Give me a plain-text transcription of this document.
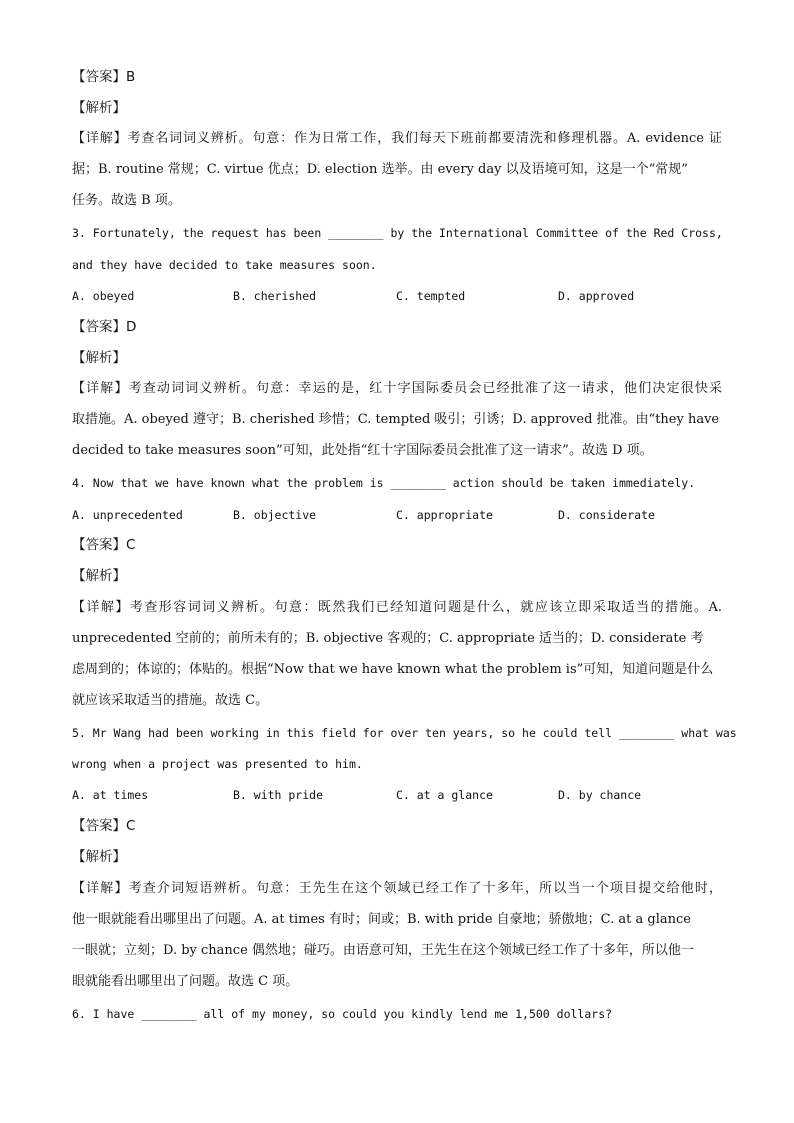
【答案】B
【解析】
【详解】考查名词词义辨析。句意：作为日常工作，我们每天下班前都要清洗和修理机器。A. evidence 证
据；B. routine 常规；C. virtue 优点；D. election 选举。由 every day 以及语境可知，这是一个“常规”
任务。故选 B 项。
3. Fortunately, the request has been ________ by the International Committee of the Red Cross,
and they have decided to take measures soon.
A. obeyed	B. cherished	C. tempted	D. approved
【答案】D
【解析】
【详解】考查动词词义辨析。句意：幸运的是，红十字国际委员会已经批准了这一请求，他们决定很快采
取措施。A. obeyed 遵守；B. cherished 珍惜；C. tempted 吸引；引诱；D. approved 批准。由“they have
decided to take measures soon”可知，此处指“红十字国际委员会批准了这一请求”。故选 D 项。
4. Now that we have known what the problem is ________ action should be taken immediately.
A. unprecedented	B. objective	C. appropriate	D. considerate
【答案】C
【解析】
【详解】考查形容词词义辨析。句意：既然我们已经知道问题是什么，就应该立即采取适当的措施。A.
unprecedented 空前的；前所未有的；B. objective 客观的；C. appropriate 适当的；D. considerate 考
虑周到的；体谅的；体贴的。根据“Now that we have known what the problem is”可知，知道问题是什么
就应该采取适当的措施。故选 C。
5. Mr Wang had been working in this field for over ten years, so he could tell ________ what was
wrong when a project was presented to him.
A. at times	B. with pride	C. at a glance	D. by chance
【答案】C
【解析】
【详解】考查介词短语辨析。句意：王先生在这个领域已经工作了十多年，所以当一个项目提交给他时，
他一眼就能看出哪里出了问题。A. at times 有时；间或；B. with pride 自豪地；骄傲地；C. at a glance
一眼就；立刻；D. by chance 偶然地；碰巧。由语意可知，王先生在这个领域已经工作了十多年，所以他一
眼就能看出哪里出了问题。故选 C 项。
6. I have ________ all of my money, so could you kindly lend me 1,500 dollars?
